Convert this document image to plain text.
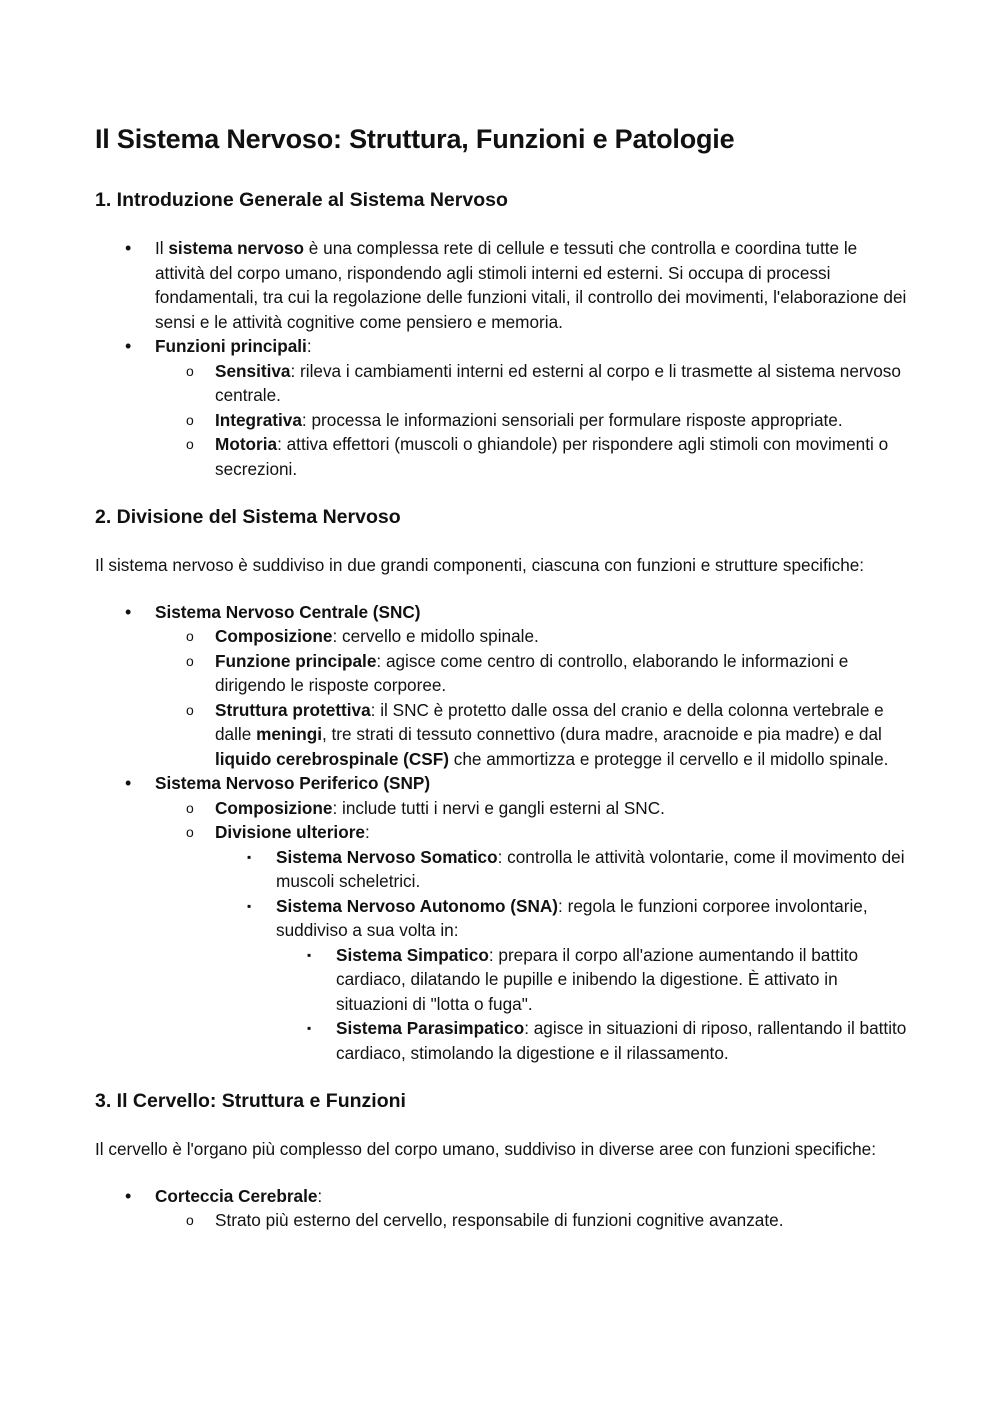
Il Sistema Nervoso: Struttura, Funzioni e Patologie
1. Introduzione Generale al Sistema Nervoso
• Il sistema nervoso è una complessa rete di cellule e tessuti che controlla e coordina tutte le attività del corpo umano, rispondendo agli stimoli interni ed esterni. Si occupa di processi fondamentali, tra cui la regolazione delle funzioni vitali, il controllo dei movimenti, l'elaborazione dei sensi e le attività cognitive come pensiero e memoria.
• Funzioni principali:
o Sensitiva: rileva i cambiamenti interni ed esterni al corpo e li trasmette al sistema nervoso centrale.
o Integrativa: processa le informazioni sensoriali per formulare risposte appropriate.
o Motoria: attiva effettori (muscoli o ghiandole) per rispondere agli stimoli con movimenti o secrezioni.
2. Divisione del Sistema Nervoso

Il sistema nervoso è suddiviso in due grandi componenti, ciascuna con funzioni e strutture specifiche:

• Sistema Nervoso Centrale (SNC)
o Composizione: cervello e midollo spinale.
o Funzione principale: agisce come centro di controllo, elaborando le informazioni e dirigendo le risposte corporee.
o Struttura protettiva: il SNC è protetto dalle ossa del cranio e della colonna vertebrale e dalle meningi, tre strati di tessuto connettivo (dura madre, aracnoide e pia madre) e dal liquido cerebrospinale (CSF) che ammortizza e protegge il cervello e il midollo spinale.
• Sistema Nervoso Periferico (SNP)
o Composizione: include tutti i nervi e gangli esterni al SNC.
o Divisione ulteriore:
▪ Sistema Nervoso Somatico: controlla le attività volontarie, come il movimento dei muscoli scheletrici.
▪ Sistema Nervoso Autonomo (SNA): regola le funzioni corporee involontarie, suddiviso a sua volta in:
▪ Sistema Simpatico: prepara il corpo all'azione aumentando il battito cardiaco, dilatando le pupille e inibendo la digestione. È attivato in situazioni di "lotta o fuga".
▪ Sistema Parasimpatico: agisce in situazioni di riposo, rallentando il battito cardiaco, stimolando la digestione e il rilassamento.
3. Il Cervello: Struttura e Funzioni

Il cervello è l'organo più complesso del corpo umano, suddiviso in diverse aree con funzioni specifiche:

• Corteccia Cerebrale:
o Strato più esterno del cervello, responsabile di funzioni cognitive avanzate.
